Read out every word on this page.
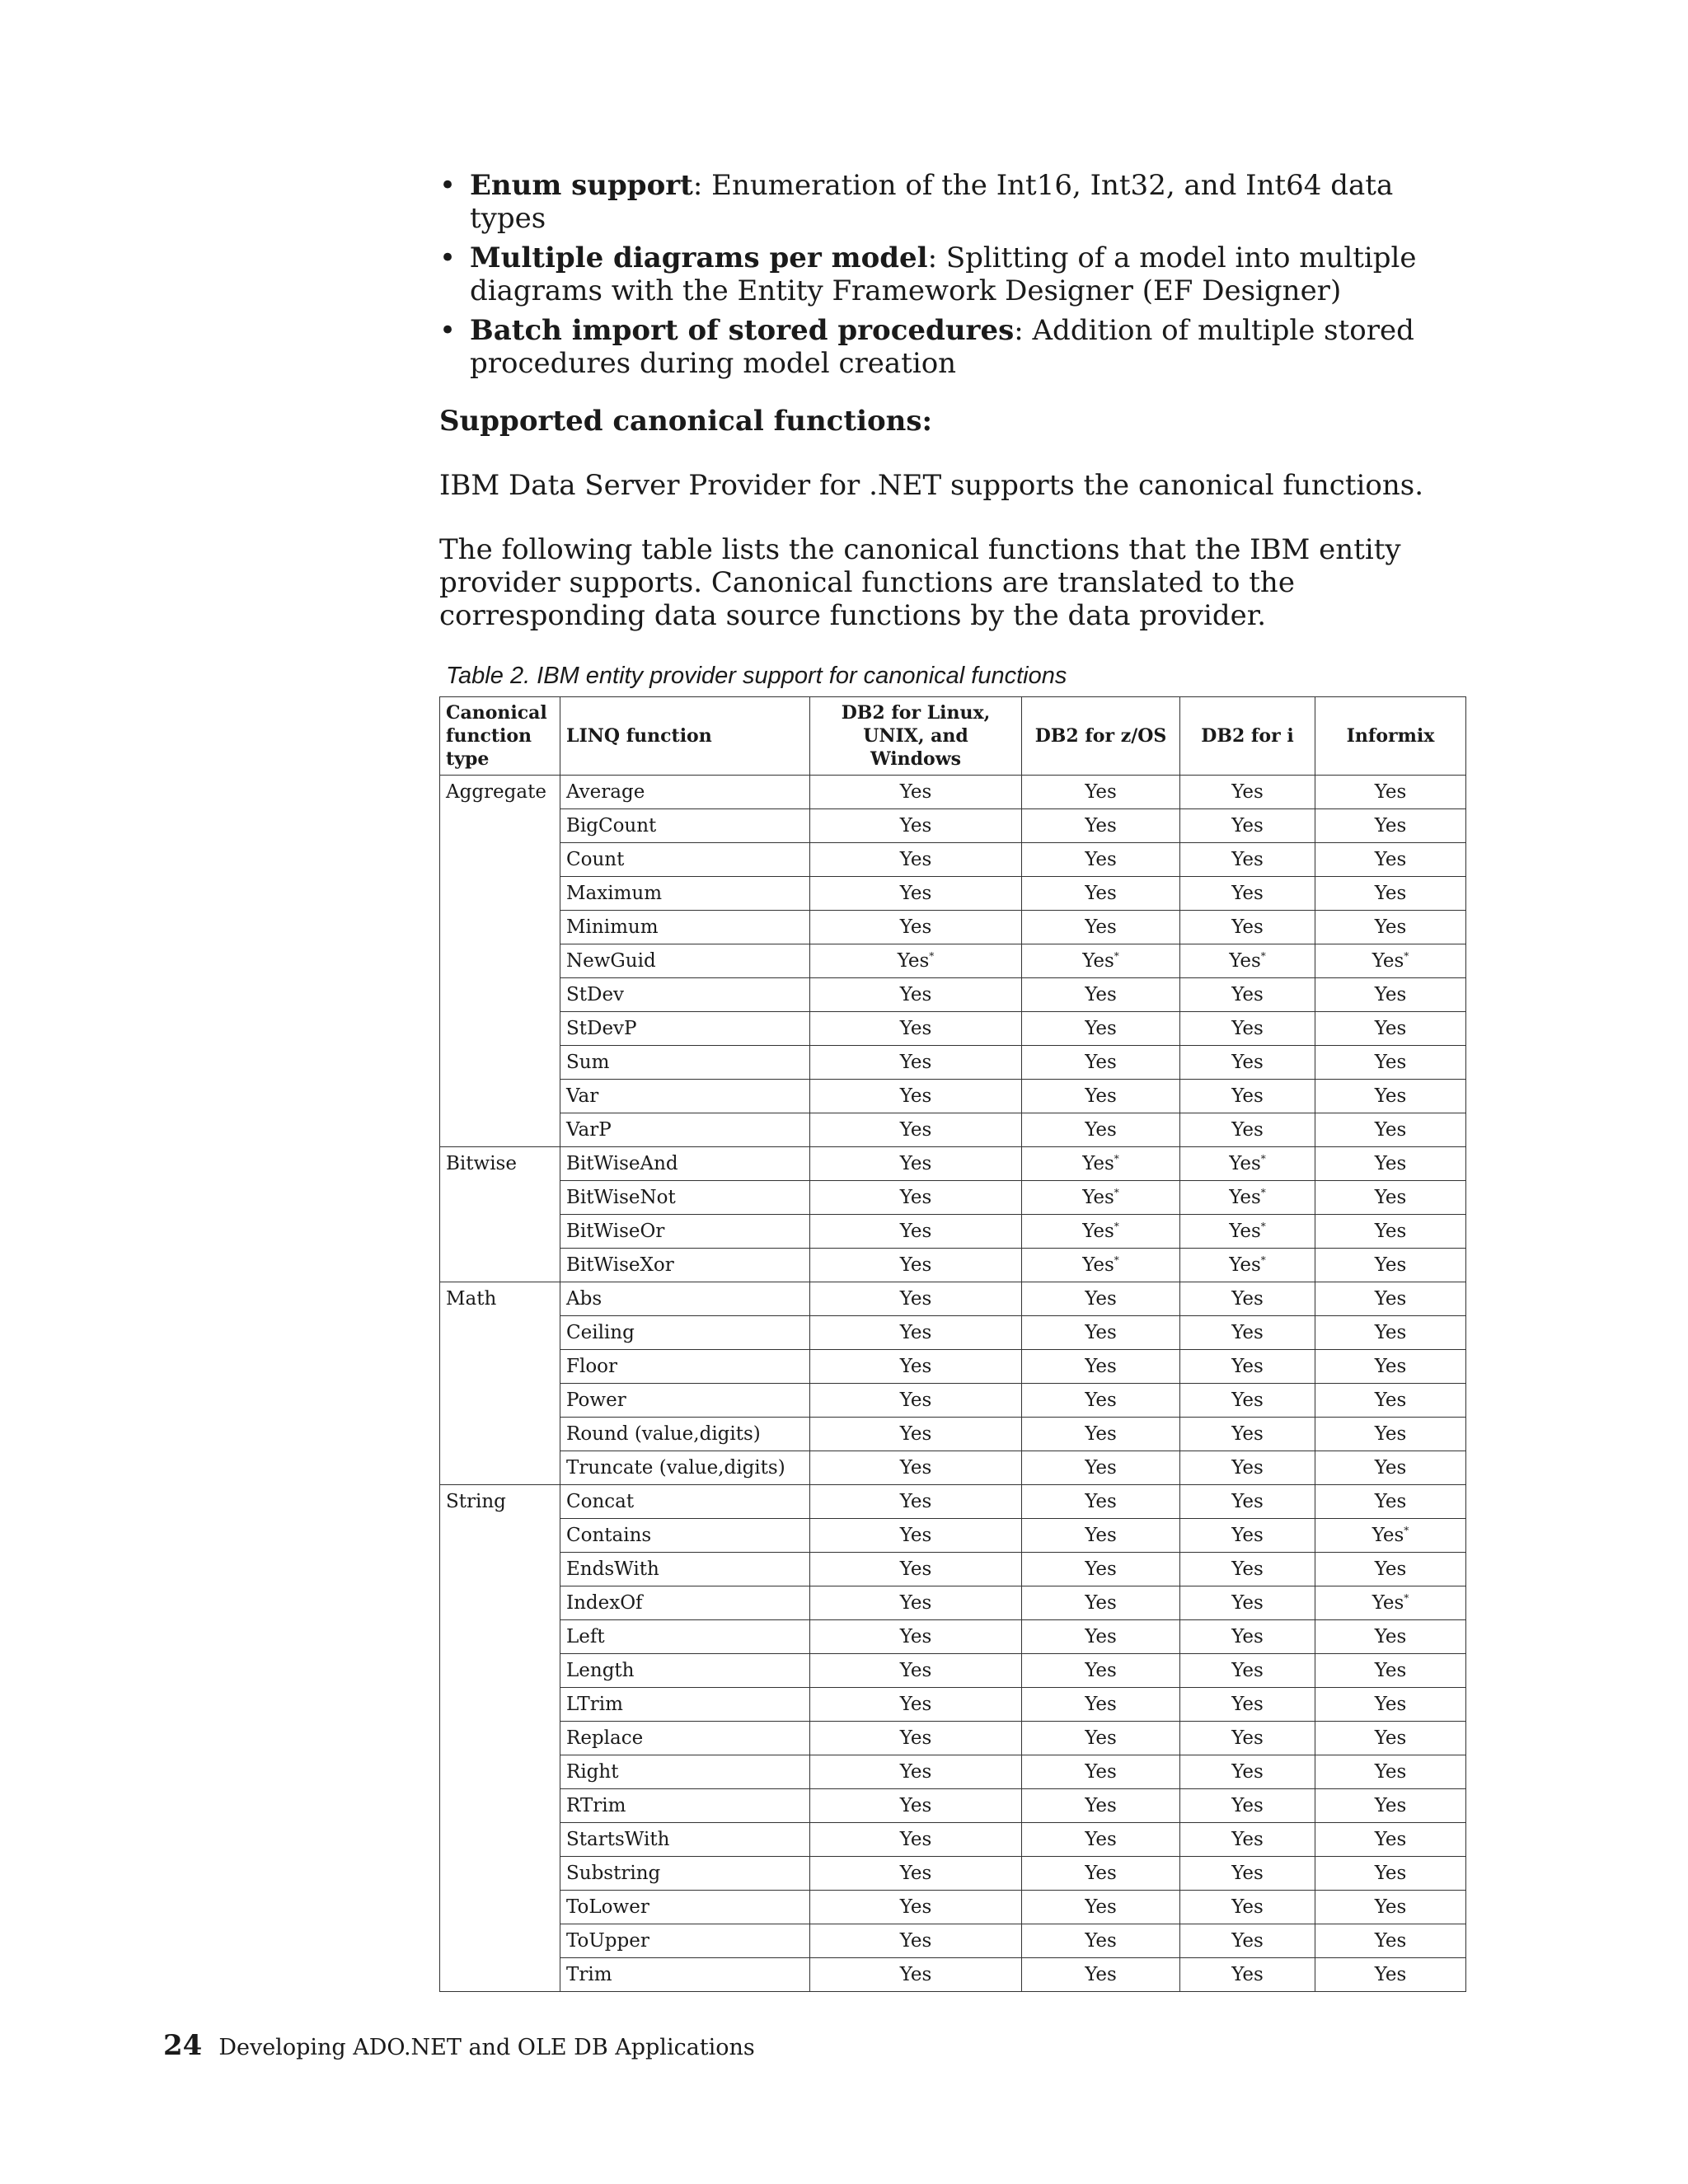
• Enum support: Enumeration of the Int16, Int32, and Int64 data types
• Multiple diagrams per model: Splitting of a model into multiple diagrams with the Entity Framework Designer (EF Designer)
• Batch import of stored procedures: Addition of multiple stored procedures during model creation
Supported canonical functions:
IBM Data Server Provider for .NET supports the canonical functions.
The following table lists the canonical functions that the IBM entity provider supports. Canonical functions are translated to the corresponding data source functions by the data provider.
Table 2. IBM entity provider support for canonical functions
Canonical function type	LINQ function	DB2 for Linux, UNIX, and Windows	DB2 for z/OS	DB2 for i	Informix
Aggregate	Average	Yes	Yes	Yes	Yes
	BigCount	Yes	Yes	Yes	Yes
	Count	Yes	Yes	Yes	Yes
	Maximum	Yes	Yes	Yes	Yes
	Minimum	Yes	Yes	Yes	Yes
	NewGuid	Yes*	Yes*	Yes*	Yes*
	StDev	Yes	Yes	Yes	Yes
	StDevP	Yes	Yes	Yes	Yes
	Sum	Yes	Yes	Yes	Yes
	Var	Yes	Yes	Yes	Yes
	VarP	Yes	Yes	Yes	Yes
Bitwise	BitWiseAnd	Yes	Yes*	Yes*	Yes
	BitWiseNot	Yes	Yes*	Yes*	Yes
	BitWiseOr	Yes	Yes*	Yes*	Yes
	BitWiseXor	Yes	Yes*	Yes*	Yes
Math	Abs	Yes	Yes	Yes	Yes
	Ceiling	Yes	Yes	Yes	Yes
	Floor	Yes	Yes	Yes	Yes
	Power	Yes	Yes	Yes	Yes
	Round (value,digits)	Yes	Yes	Yes	Yes
	Truncate (value,digits)	Yes	Yes	Yes	Yes
String	Concat	Yes	Yes	Yes	Yes
	Contains	Yes	Yes	Yes	Yes*
	EndsWith	Yes	Yes	Yes	Yes
	IndexOf	Yes	Yes	Yes	Yes*
	Left	Yes	Yes	Yes	Yes
	Length	Yes	Yes	Yes	Yes
	LTrim	Yes	Yes	Yes	Yes
	Replace	Yes	Yes	Yes	Yes
	Right	Yes	Yes	Yes	Yes
	RTrim	Yes	Yes	Yes	Yes
	StartsWith	Yes	Yes	Yes	Yes
	Substring	Yes	Yes	Yes	Yes
	ToLower	Yes	Yes	Yes	Yes
	ToUpper	Yes	Yes	Yes	Yes
	Trim	Yes	Yes	Yes	Yes
24 Developing ADO.NET and OLE DB Applications
